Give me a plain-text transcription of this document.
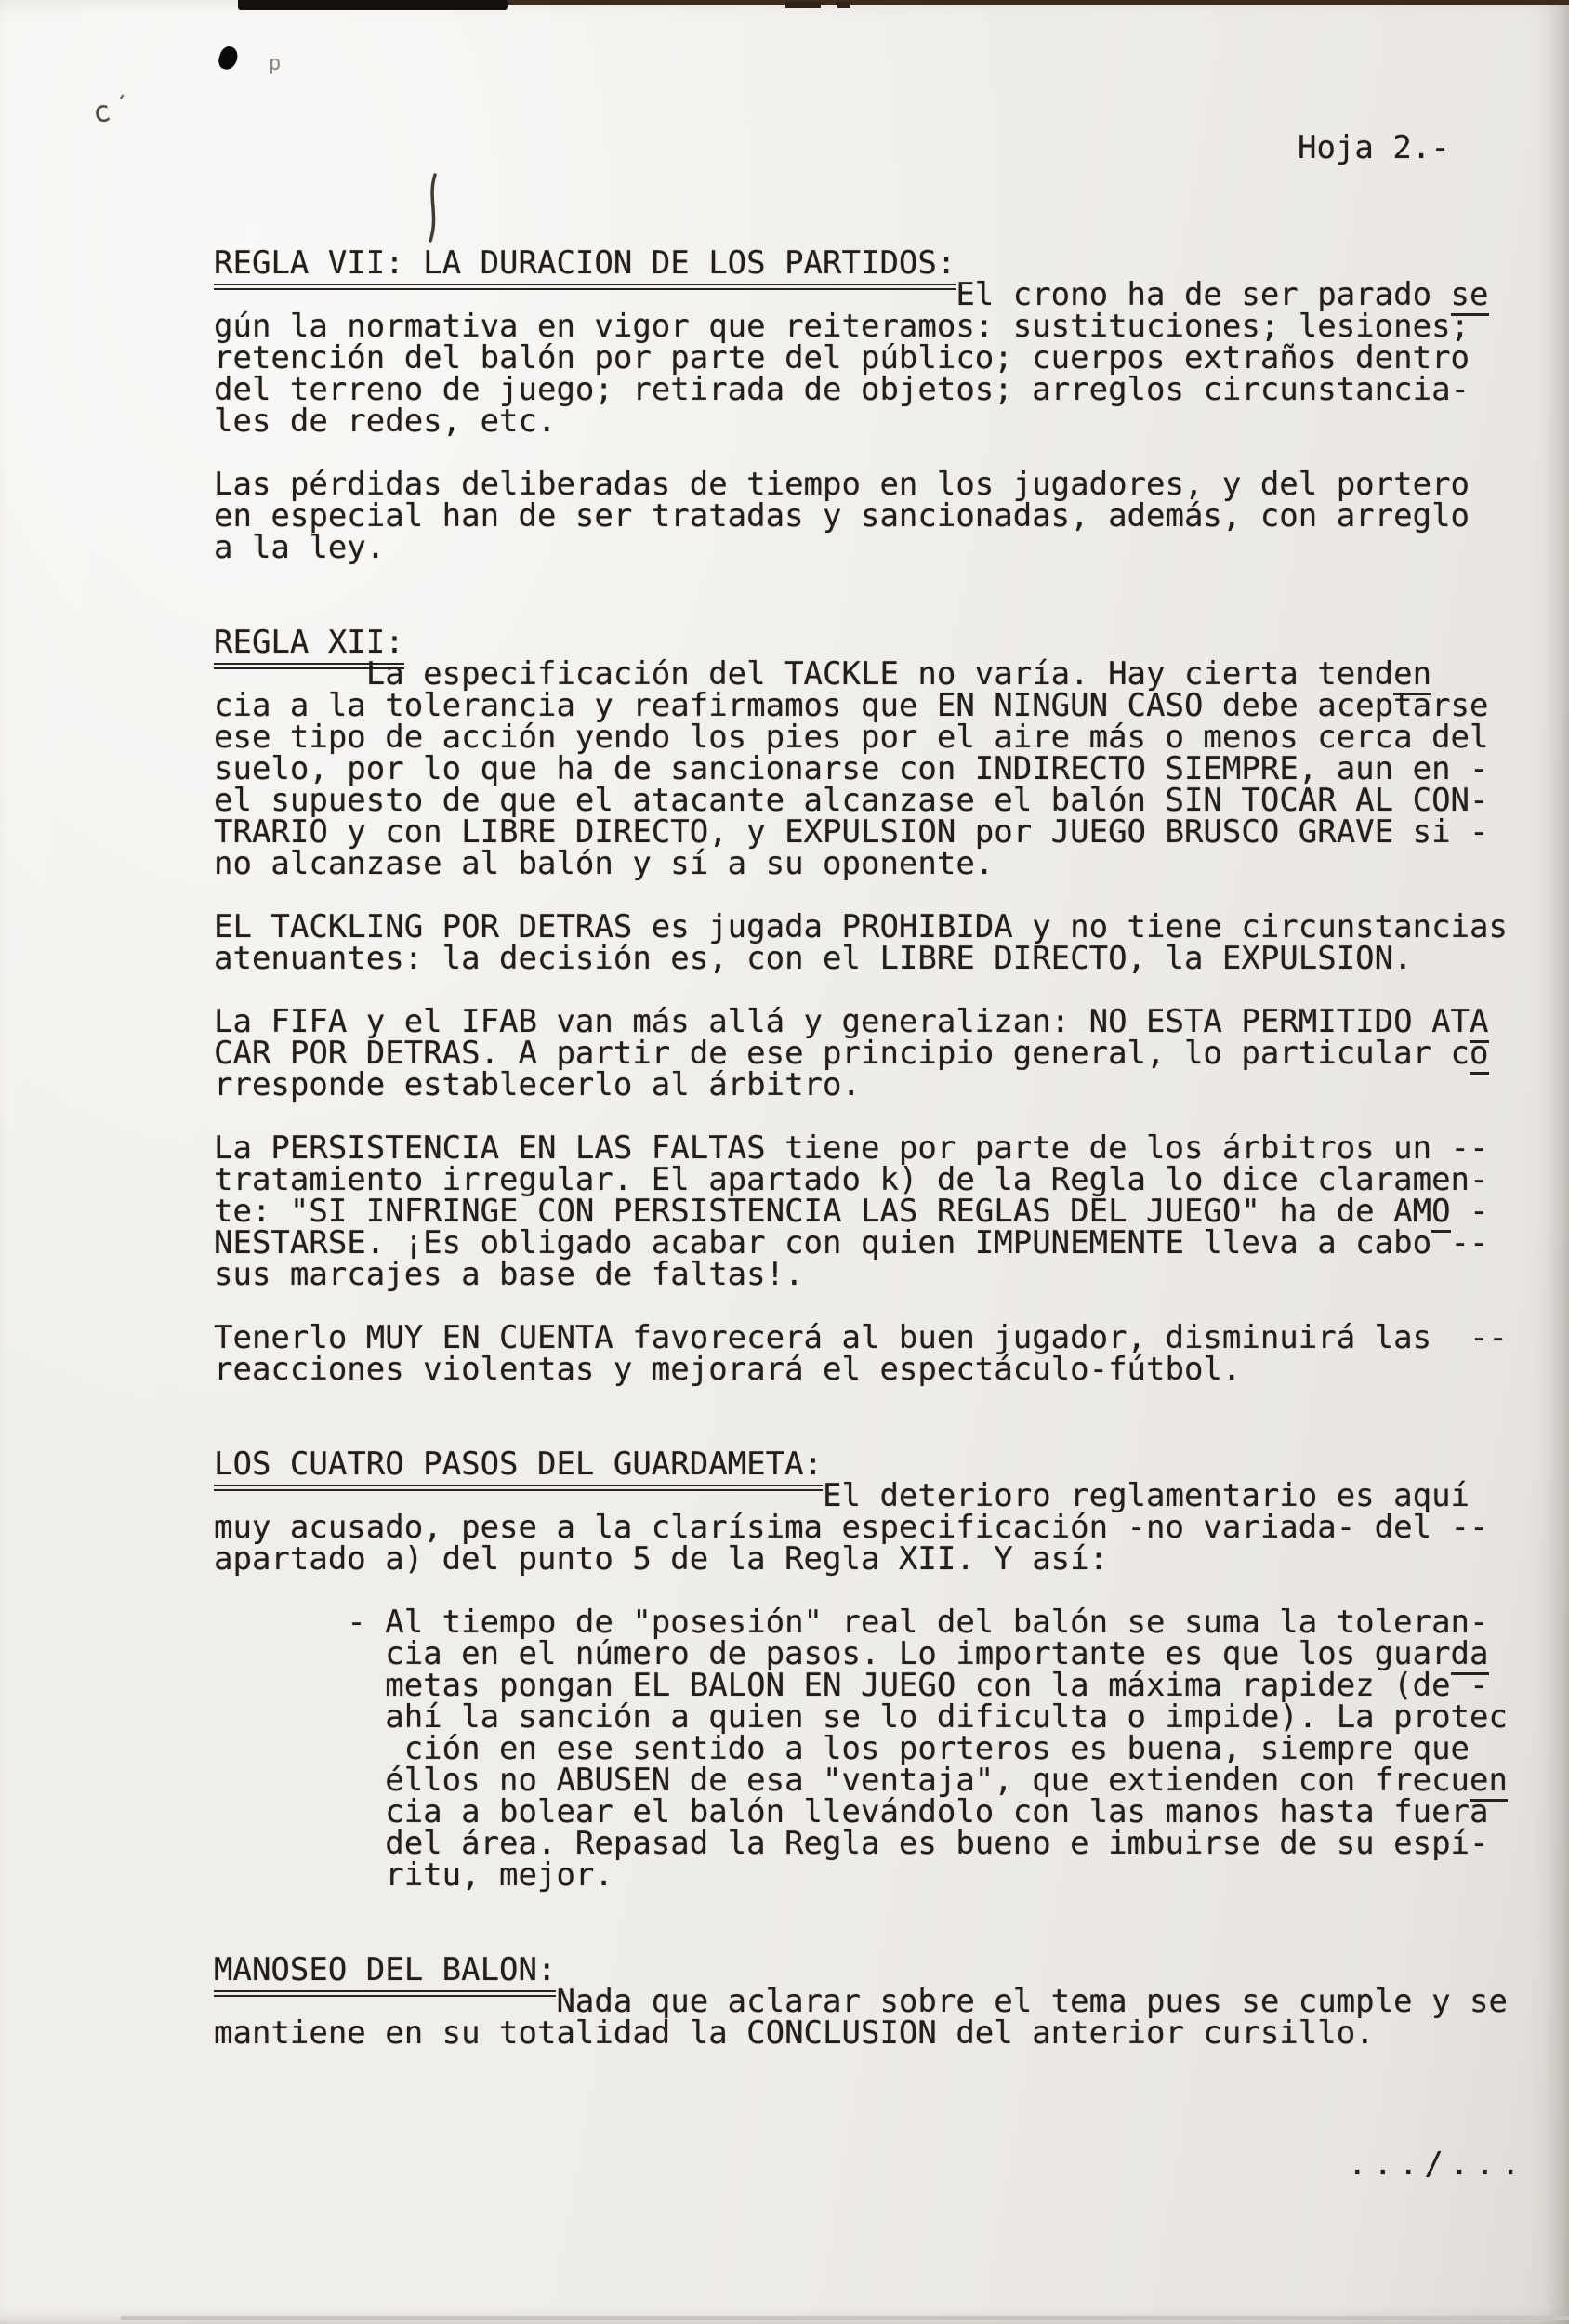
p
c'
Hoja 2.-
REGLA VII: LA DURACION DE LOS PARTIDOS:
El crono ha de ser parado se
gún la normativa en vigor que reiteramos: sustituciones; lesiones;
retención del balón por parte del público; cuerpos extraños dentro
del terreno de juego; retirada de objetos; arreglos circunstancia-
les de redes, etc.

Las pérdidas deliberadas de tiempo en los jugadores, y del portero
en especial han de ser tratadas y sancionadas, además, con arreglo
a la ley.

REGLA XII:
La especificación del TACKLE no varía. Hay cierta tenden
cia a la tolerancia y reafirmamos que EN NINGUN CASO debe aceptarse
ese tipo de acción yendo los pies por el aire más o menos cerca del
suelo, por lo que ha de sancionarse con INDIRECTO SIEMPRE, aun en -
el supuesto de que el atacante alcanzase el balón SIN TOCAR AL CON-
TRARIO y con LIBRE DIRECTO, y EXPULSION por JUEGO BRUSCO GRAVE si -
no alcanzase al balón y sí a su oponente.

EL TACKLING POR DETRAS es jugada PROHIBIDA y no tiene circunstancias
atenuantes: la decisión es, con el LIBRE DIRECTO, la EXPULSION.

La FIFA y el IFAB van más allá y generalizan: NO ESTA PERMITIDO ATA
CAR POR DETRAS. A partir de ese principio general, lo particular co
rresponde establecerlo al árbitro.

La PERSISTENCIA EN LAS FALTAS tiene por parte de los árbitros un --
tratamiento irregular. El apartado k) de la Regla lo dice claramen-
te: "SI INFRINGE CON PERSISTENCIA LAS REGLAS DEL JUEGO" ha de AMO -
NESTARSE. ¡Es obligado acabar con quien IMPUNEMENTE lleva a cabo --
sus marcajes a base de faltas!.

Tenerlo MUY EN CUENTA favorecerá al buen jugador, disminuirá las  --
reacciones violentas y mejorará el espectáculo-fútbol.

LOS CUATRO PASOS DEL GUARDAMETA:
El deterioro reglamentario es aquí
muy acusado, pese a la clarísima especificación -no variada- del --
apartado a) del punto 5 de la Regla XII. Y así:

- Al tiempo de "posesión" real del balón se suma la toleran-
cia en el número de pasos. Lo importante es que los guarda
metas pongan EL BALON EN JUEGO con la máxima rapidez (de -
ahí la sanción a quien se lo dificulta o impide). La protec
ción en ese sentido a los porteros es buena, siempre que
éllos no ABUSEN de esa "ventaja", que extienden con frecuen
cia a bolear el balón llevándolo con las manos hasta fuera
del área. Repasad la Regla es bueno e imbuirse de su espí-
ritu, mejor.

MANOSEO DEL BALON:
Nada que aclarar sobre el tema pues se cumple y se
mantiene en su totalidad la CONCLUSION del anterior cursillo.
.../...
